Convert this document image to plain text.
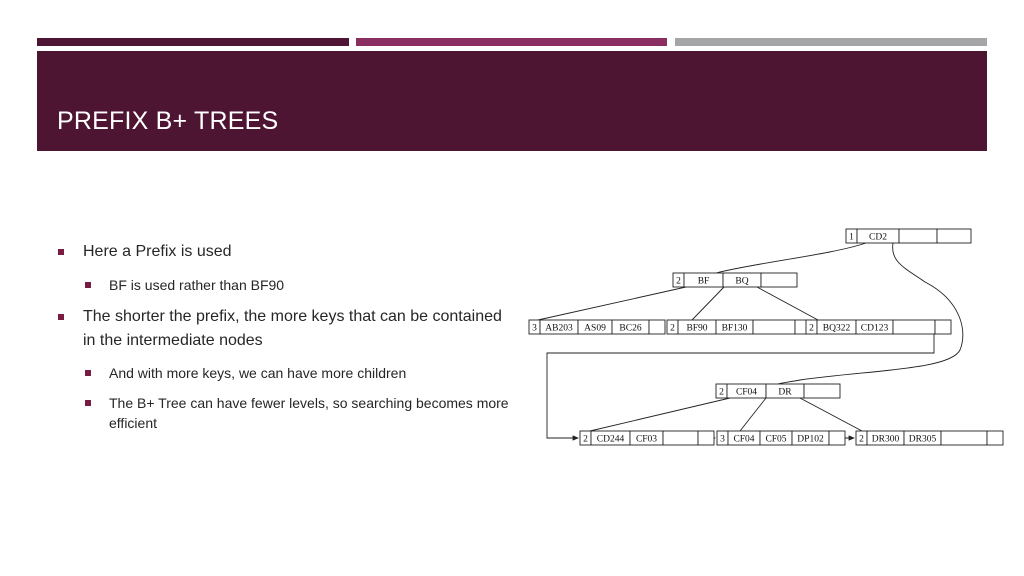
PREFIX B+ TREES
Here a Prefix is used
BF is used rather than BF90
The shorter the prefix, the more keys that can be contained in the intermediate nodes
And with more keys, we can have more children
The B+ Tree can have fewer levels, so searching becomes more efficient
1 CD2
2 BF	BQ
2 CF04 DR
3 AB203 AS09 BC26	2 BF90 BF130	2 BQ322 CD123
2 CD244 CF03	3 CF04 CF05 DP102	2 DR300 DR305
